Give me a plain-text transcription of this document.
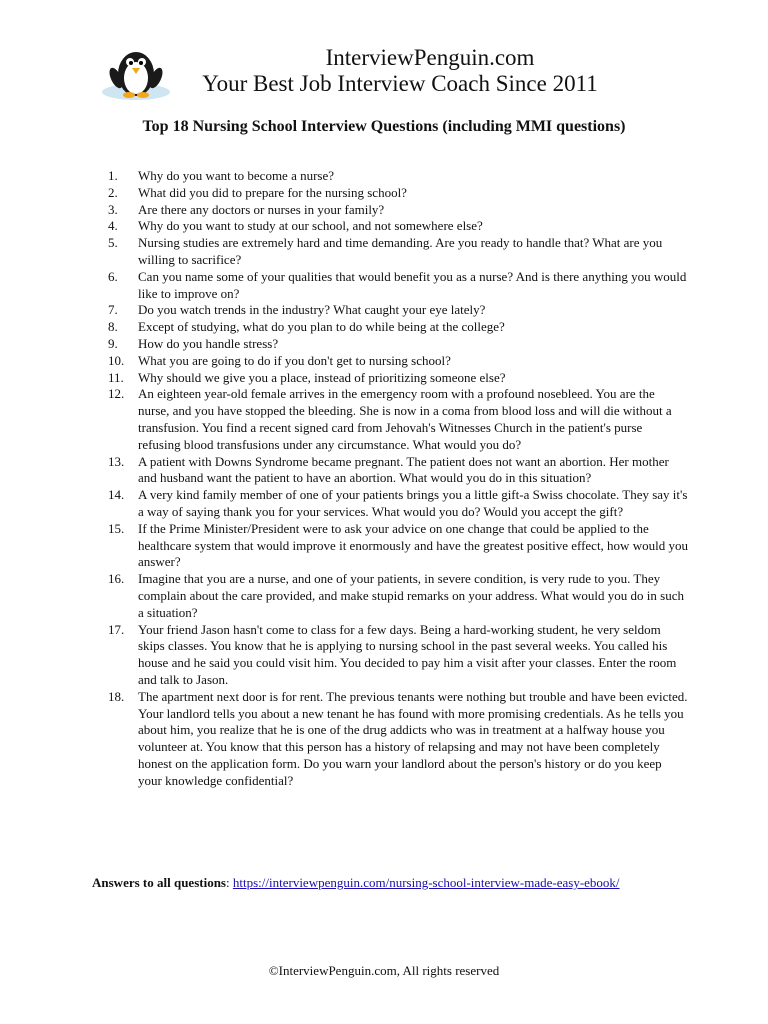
InterviewPenguin.com
Your Best Job Interview Coach Since 2011
Top 18 Nursing School Interview Questions (including MMI questions)
1.	Why do you want to become a nurse?
2.	What did you did to prepare for the nursing school?
3.	Are there any doctors or nurses in your family?
4.	Why do you want to study at our school, and not somewhere else?
5.	Nursing studies are extremely hard and time demanding. Are you ready to handle that? What are you willing to sacrifice?
6.	Can you name some of your qualities that would benefit you as a nurse? And is there anything you would like to improve on?
7.	Do you watch trends in the industry? What caught your eye lately?
8.	Except of studying, what do you plan to do while being at the college?
9.	How do you handle stress?
10.	What you are going to do if you don't get to nursing school?
11.	Why should we give you a place, instead of prioritizing someone else?
12.	An eighteen year-old female arrives in the emergency room with a profound nosebleed. You are the nurse, and you have stopped the bleeding. She is now in a coma from blood loss and will die without a transfusion. You find a recent signed card from Jehovah's Witnesses Church in the patient's purse refusing blood transfusions under any circumstance. What would you do?
13.	A patient with Downs Syndrome became pregnant. The patient does not want an abortion. Her mother and husband want the patient to have an abortion. What would you do in this situation?
14.	A very kind family member of one of your patients brings you a little gift-a Swiss chocolate. They say it's a way of saying thank you for your services. What would you do? Would you accept the gift?
15.	If the Prime Minister/President were to ask your advice on one change that could be applied to the healthcare system that would improve it enormously and have the greatest positive effect, how would you answer?
16.	Imagine that you are a nurse, and one of your patients, in severe condition, is very rude to you. They complain about the care provided, and make stupid remarks on your address. What would you do in such a situation?
17.	Your friend Jason hasn't come to class for a few days. Being a hard-working student, he very seldom skips classes. You know that he is applying to nursing school in the past several weeks. You called his house and he said you could visit him. You decided to pay him a visit after your classes. Enter the room and talk to Jason.
18.	The apartment next door is for rent. The previous tenants were nothing but trouble and have been evicted. Your landlord tells you about a new tenant he has found with more promising credentials. As he tells you about him, you realize that he is one of the drug addicts who was in treatment at a halfway house you volunteer at. You know that this person has a history of relapsing and may not have been completely honest on the application form. Do you warn your landlord about the person's history or do you keep your knowledge confidential?
Answers to all questions: https://interviewpenguin.com/nursing-school-interview-made-easy-ebook/
©InterviewPenguin.com, All rights reserved
